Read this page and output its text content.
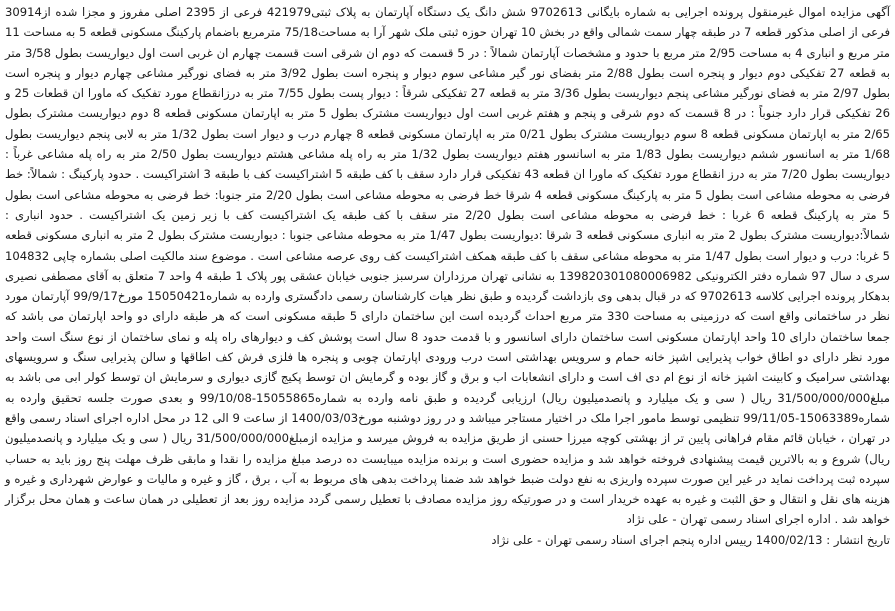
آگهی مزایده اموال غیرمنقول پرونده اجرایی به شماره بایگانی 9702613 شش دانگ یک دستگاه آپارتمان به پلاک ثبتی421979 فرعی از 2395 اصلی مفروز و مجزا شده از30914 فرعی از اصلی مذکور قطعه 7 در طبقه چهار سمت شمالی واقع در بخش 10 تهران حوزه ثبتی ملک شهر آرا به مساحت75/18 مترمربع باضمام پارکینگ مسکونی قطعه 5 به مساحت 11 متر مربع و انباری 4 به مساحت 2/95 متر مربع با حدود و مشخصات آپارتمان شمالاً : در 5 قسمت که دوم ان شرقی است قسمت چهارم ان غربی است اول دیواریست بطول 3/58 متر به قطعه 27 تفکیکی دوم دیوار و پنجره است بطول 2/88 متر بفضای نور گیر مشاعی سوم دیوار و پنجره است بطول 3/92 متر به فضای نورگیر مشاعی چهارم دیوار و پنجره است بطول 2/97 متر به فضای نورگیر مشاعی پنجم دیواریست بطول 3/36 متر به قطعه 27 تفکیکی شرقاً : دیوار پست بطول 7/55 متر به درزانقطاع مورد تفکیک که ماورا ان قطعات 25 و 26 تفکیکی قرار دارد جنوباً : در 8 قسمت که دوم شرقی و پنجم و هفتم غربی است اول دیواریست مشترک بطول 5 متر به اپارتمان مسکونی قطعه 8 دوم دیواریست مشترک بطول 2/65 متر به اپارتمان مسکونی قطعه 8 سوم دیواریست مشترک بطول 0/21 متر به اپارتمان مسکونی قطعه 8 چهارم درب و دیوار است بطول 1/32 متر به لابی پنجم دیواریست بطول 1/68 متر به اسانسور ششم دیواریست بطول 1/83 متر به اسانسور هفتم دیواریست بطول 1/32 متر به راه پله مشاعی هشتم دیواریست بطول 2/50 متر به راه پله مشاعی غرباً : دیواریست بطول 7/20 متر به درز انقطاع مورد تفکیک که ماورا ان قطعه 43 تفکیکی قرار دارد سقف با کف طبقه 5 اشتراکیست کف با طبقه 3 اشتراکیست . حدود پارکینگ : شمالاً: خط فرضی به محوطه مشاعی است بطول 5 متر به پارکینگ مسکونی قطعه 4 شرقا خط فرضی به محوطه مشاعی است بطول 2/20 متر جنوبا: خط فرضی به محوطه مشاعی است بطول 5 متر به پارکینگ قطعه 6 غربا : خط فرضی به محوطه مشاعی است بطول 2/20 متر سقف با کف طبقه یک اشتراکیست کف با زیر زمین یک اشتراکیست . حدود انباری : شمالاً:دیواریست مشترک بطول 2 متر به انباری مسکونی قطعه 3 شرقا :دیواریست بطول 1/47 متر به محوطه مشاعی جنوبا : دیواریست مشترک بطول 2 متر به انباری مسکونی قطعه 5 غربا: درب و دیوار است بطول 1/47 متر به محوطه مشاعی سقف با کف طبقه همکف اشتراکیست کف روی عرصه مشاعی است . موضوع سند مالکیت اصلی بشماره چاپی 104832 سری د سال 97 شماره دفتر الکترونیکی 139820301080006982 به نشانی تهران مرزداران سرسبز جنوبی خیابان عشقی پور پلاک 1 طبقه 4 واحد 7 متعلق به آقای مصطفی نصیری بدهکار پرونده اجرایی کلاسه 9702613 که در قبال بدهی وی بازداشت گردیده و طبق نظر هیات کارشناسان رسمی دادگستری وارده به شماره15050421 مورخ99/9/17 آپارتمان مورد نظر در ساختمانی واقع است که درزمینی به مساحت 330 متر مربع احداث گردیده است این ساختمان دارای 5 طبقه مسکونی است که هر طبقه دارای دو واحد اپارتمان می باشد که جمعا ساختمان دارای 10 واحد اپارتمان مسکونی است ساختمان دارای اسانسور و با قدمت حدود 8 سال است پوشش کف و دیوارهای راه پله و نمای ساختمان از نوع سنگ است واحد مورد نظر دارای دو اطاق خواب پذیرایی اشپز خانه حمام و سرویس بهداشتی است درب ورودی اپارتمان چوبی و پنجره ها فلزی فرش کف اطاقها و سالن پذیرایی سنگ و سرویسهای بهداشتی سرامیک و کابینت اشپز خانه از نوع ام دی اف است و دارای انشعابات اب و برق و گاز بوده و گرمایش ان توسط پکیج گازی دیواری و سرمایش ان توسط کولر ابی می باشد به مبلغ31/500/000/000 ریال ( سی و یک میلیارد و پانصدمیلیون ریال) ارزیابی گردیده و طبق نامه وارده به شماره15055865-99/10/08 و بعدی صورت جلسه تحقیق وارده به شماره15063389-99/11/05 تنظیمی توسط مامور اجرا ملک در اختیار مستاجر میباشد و در روز دوشنبه مورخ1400/03/03 از ساعت 9 الی 12 در محل اداره اجرای اسناد رسمی واقع در تهران ، خیابان قائم مقام فراهانی پایین تر از بهشتی کوچه میرزا حسنی از طریق مزایده به فروش میرسد و مزایده ازمبلغ31/500/000/000 ریال ( سی و یک میلیارد و پانصدمیلیون ریال) شروع و به بالاترین قیمت پیشنهادی فروخته خواهد شد و مزایده حضوری است و برنده مزایده میبایست ده درصد مبلغ مزایده را نقدا و مابقی ظرف مهلت پنج روز باید به حساب سپرده ثبت پرداخت نماید در غیر این صورت سپرده واریزی به نفع دولت ضبط خواهد شد ضمنا پرداخت بدهی های مربوط به آب ، برق ، گاز و غیره و مالیات و عوارض شهرداری و غیره و هزینه های نقل و انتقال و حق الثبت و غیره به عهده خریدار است و در صورتیکه روز مزایده مصادف با تعطیل رسمی گردد مزایده روز بعد از تعطیلی در همان ساعت و همان محل برگزار خواهد شد . اداره اجرای اسناد رسمی تهران - علی نژاد

تاریخ انتشار : 1400/02/13 رییس اداره پنجم اجرای اسناد رسمی تهران - علی نژاد
